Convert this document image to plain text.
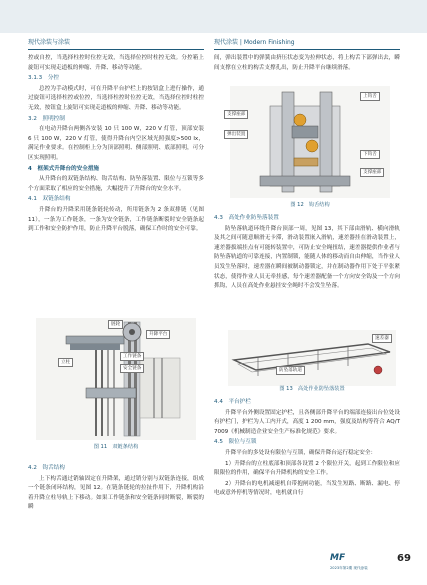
现代涂装与涂装	现代涂装 | Modern Finishing

控或自控，当选择柱控时位控无效，当选择位控时柱控无效。分控箱上旋钮可实现走道板的伸缩、升降、移动等功能。

3.1.3　分控

总控为手动模式时，可在升降平台护栏上的按钮盒上进行操作，通过旋钮可选择柱控或位控，当选择柱控时位控无效，当选择位控时柱控无效，按钮盒上旋钮可实现走道板的伸缩、升降、移动等功能。

3.2　照明控制

在电动升降台两侧各安装 10 只 100 W，220 V 灯管，顶部安装 6 只 100 W，220 V 灯管，使得升降台内空区域光照强度>500 lx，满足作业要求。在控制柜上分为顶部照明、侧部照明、底部照明，可分区实现照明。

4　框架式升降台的安全措施

从升降台的双链条结构、钩舌结构、防坠落装置、限位与互锁等多个方面采取了相应的安全措施，大幅提升了升降台的安全水平。

4.1　双链条结构

升降台的升降采用链条链轮传动，所用链条为 2 条双排链（见图 11），一条为工作链条，一条为安全链条，工作链条断裂时安全链条起到工作和安全防护作用，防止升降平台脱落，确保工作时的安全可靠。

链轮
升降平台
工作链条
安全链条
立柱
图 11　双链条结构

4.2　钩舌结构

上下构舌通过销轴固定在升降架，通过销分别与双链条连接，组成一个链条闭环结构，见图 12。在链条链轮的拉扯作用下，升降机构沿着升降立柱导轨上下移动。如果工作链条和安全链条同时断裂，断裂的瞬

间，弹出装置中的弹簧由挤压状态变为拉伸状态，将上构舌下部弹出去，瞬间支撑在立柱的构舌支撑孔出，防止升降平台继续滑落。

上钩舌
支撑座部
弹出装置
下钩舌
支撑座部
图 12　钩舌结构

4.3　高处作业防坠落装置

防坠落轨道环绕升降台顶部一周，见图 13，其下部由滑轨、横向滑轨及其之间可随意顺滑无卡滞，滑动装置嵌入滑轨，速差器挂在滑动装置上，速差器拔端挂点有可能转装置中，可防止安全绳扭结，速差器提供作业者与防坠落轨道的可靠连接，内置制锁，能随人体的移动而自由伸缩，当作业人员发生坠落时，速差器在瞬间被制动器锁定，并在制动器作用下处于平张紧状态，使得作业人员无牵挂感，每个速差器配备一个方向安全钩及一个方向抓钩，人员在高处作业悬挂安全绳时不会发生坠落。

速差器
防坠落轨道
图 13　高处作业防坠落装置

4.4　平台护栏

升降平台外侧设置固定护栏，且各侧部升降平台的端部连接出台位处设有护栏门，护栏为人工内开式，高度 1 200 mm，强度及结构等符合 AQ/T 7009《机械制造企业安全生产标准化规范》要求。

4.5　限位与互锁

升降平台的多处设有限位与互锁，确保升降台运行稳定安全：

1）升降台的立柱底部和顶部各设置 2 个限位开关，起到工作限位和应限限位的作用，确保平台升降机构的安全工作。

2）升降台的电机减速机自带抱闸功能，当发生短路、断路、漏电、停电或意外停机等情况时，电机就自行

MF
2023年第2期 现代涂装
69
